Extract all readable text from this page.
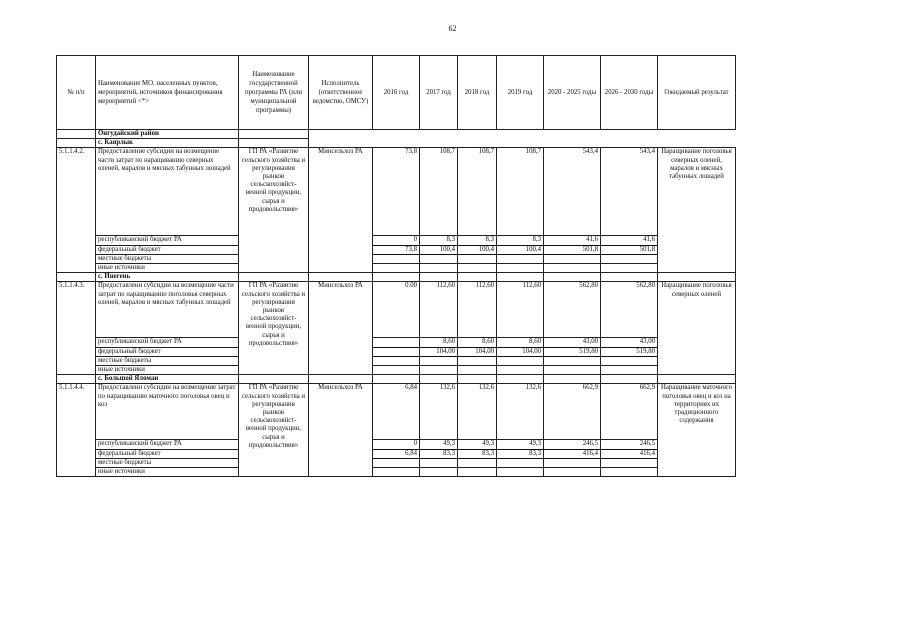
62
№ п/п	Наименование МО, населенных пунктов, мероприятий, источников финансирования мероприятий <*>	Наименование государственной программы РА (или муниципальной программы)	Исполнитель (ответственное ведомство, ОМСУ)	2016 год	2017 год	2018 год	2019 год	2020 - 2025 годы	2026 - 2030 годы	Ожидаемый результат
	Онгудайский район									
	с. Каярлык									
5.1.1.4.2.	Предоставление субсидии на возмещение части затрат по наращиванию северных оленей, маралов и мясных табунных лошадей	ГП РА «Развитие сельского хозяйства и регулирования рынков сельскохозяйст-венной продукции, сырья и продовольствия»	Минсельхоз РА	73,8	108,7	108,7	108,7	543,4	543,4	Наращивание поголовья северных оленей, маралов и мясных табунных лошадей
	республиканский бюджет РА			0	8,3	8,3	8,3	41,6	41,6	
	федеральный бюджет			73,8	100,4	100,4	100,4	501,8	501,8	
	местные бюджеты									
	иные источники									
	с. Инегень									
5.1.1.4.3.	Предоставлени субсидии на возмещение части затрат по наращиванию поголовья северных оленей, маралов и мясных табунных лошадей	ГП РА «Развитие сельского хозяйства и регулирования рынков сельскохозяйст-венной продукции, сырья и продовольствия»	Минсельхоз РА	0.00	112,60	112,60	112,60	562,80	562,80	Наращивание поголовья северных оленей
	республиканский бюджет РА				8,60	8,60	8,60	43,00	43,00	
	федеральный бюджет				104,00	104,00	104,00	519,80	519,80	
	местные бюджеты									
	иные источники									
	с. Большой Яломан									
5.1.1.4.4.	Предоставлени субсидии на возмещение затрат по наращиванию маточного поголовья овец и коз	ГП РА «Развитие сельского хозяйства и регулирования рынков сельскохозяйст-венной продукции, сырья и продовольствия»	Минсельхоз РА	6,84	132,6	132,6	132,6	662,9	662,9	Наращивание маточного поголовья овец и коз на территориях их традиционного содержания
	республиканский бюджет РА			0	49,3	49,3	49,3	246,5	246,5	
	федеральный бюджет			6,84	83,3	83,3	83,3	416,4	416,4	
	местные бюджеты									
	иные источники									
